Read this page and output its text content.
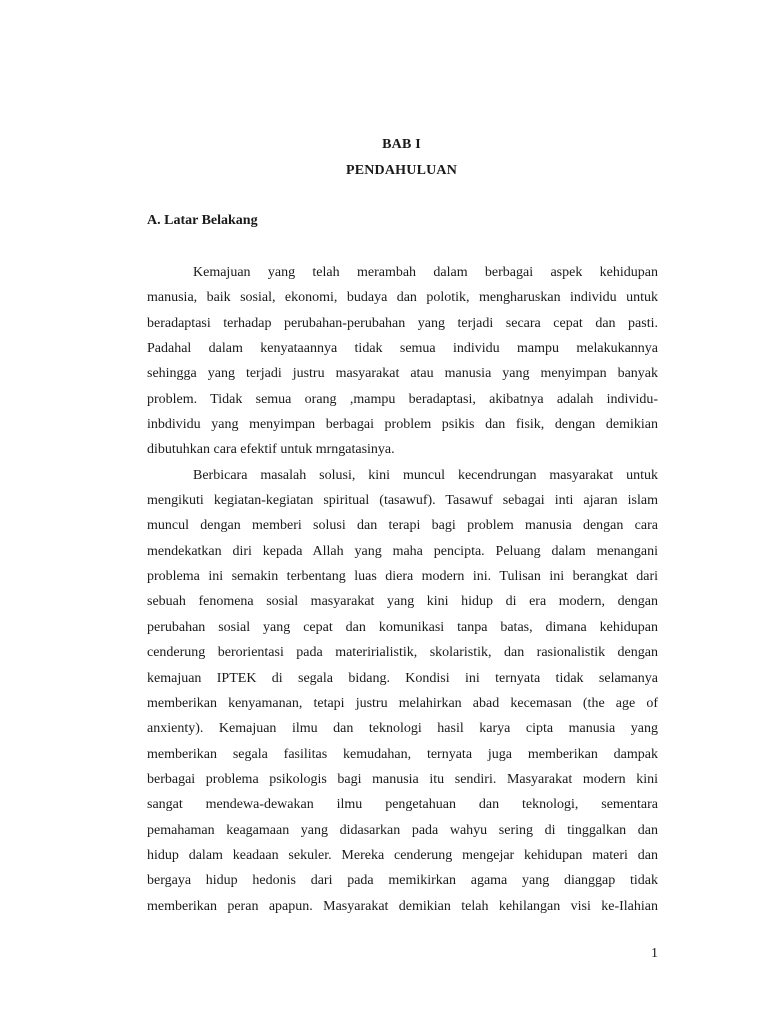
BAB I
PENDAHULUAN
A. Latar Belakang
Kemajuan yang telah merambah dalam berbagai aspek kehidupan
manusia, baik sosial, ekonomi, budaya dan polotik, mengharuskan individu untuk
beradaptasi terhadap perubahan-perubahan yang terjadi secara cepat dan pasti.
Padahal dalam kenyataannya tidak semua individu mampu melakukannya
sehingga yang terjadi justru masyarakat atau manusia yang menyimpan banyak
problem. Tidak semua orang ,mampu beradaptasi, akibatnya adalah individu-
inbdividu yang menyimpan berbagai problem psikis dan fisik, dengan demikian
dibutuhkan cara efektif untuk mrngatasinya.
Berbicara masalah solusi, kini muncul kecendrungan masyarakat untuk
mengikuti kegiatan-kegiatan spiritual (tasawuf). Tasawuf sebagai inti ajaran islam
muncul dengan memberi solusi dan terapi bagi problem manusia dengan cara
mendekatkan diri kepada Allah yang maha pencipta. Peluang dalam menangani
problema ini semakin terbentang luas diera modern ini. Tulisan ini berangkat dari
sebuah fenomena sosial masyarakat yang kini hidup di era modern, dengan
perubahan sosial yang cepat dan komunikasi tanpa batas, dimana kehidupan
cenderung berorientasi pada materirialistik, skolaristik, dan rasionalistik dengan
kemajuan IPTEK di segala bidang. Kondisi ini ternyata tidak selamanya
memberikan kenyamanan, tetapi justru melahirkan abad kecemasan (the age of
anxienty). Kemajuan ilmu dan teknologi hasil karya cipta manusia yang
memberikan segala fasilitas kemudahan, ternyata juga memberikan dampak
berbagai problema psikologis bagi manusia itu sendiri. Masyarakat modern kini
sangat mendewa-dewakan ilmu pengetahuan dan teknologi, sementara
pemahaman keagamaan yang didasarkan pada wahyu sering di tinggalkan dan
hidup dalam keadaan sekuler. Mereka cenderung mengejar kehidupan materi dan
bergaya hidup hedonis dari pada memikirkan agama yang dianggap tidak
memberikan peran apapun. Masyarakat demikian telah kehilangan visi ke-Ilahian
1
